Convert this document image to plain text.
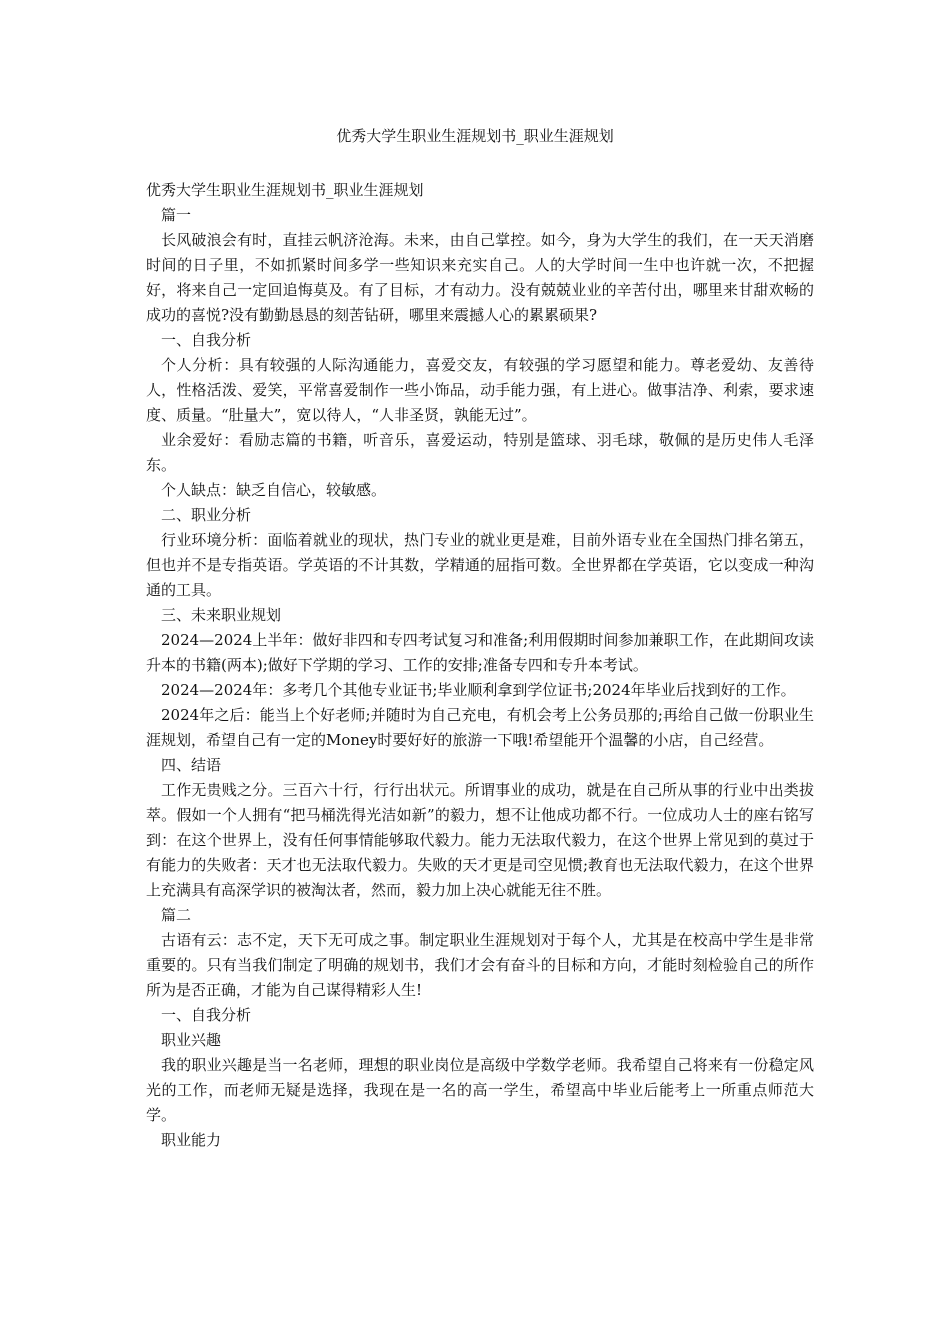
优秀大学生职业生涯规划书_职业生涯规划

优秀大学生职业生涯规划书_职业生涯规划

篇一

长风破浪会有时，直挂云帆济沧海。未来，由自己掌控。如今，身为大学生的我们，在一天天消磨时间的日子里，不如抓紧时间多学一些知识来充实自己。人的大学时间一生中也许就一次，不把握好，将来自己一定回追悔莫及。有了目标，才有动力。没有兢兢业业的辛苦付出，哪里来甘甜欢畅的成功的喜悦?没有勤勤恳恳的刻苦钻研，哪里来震撼人心的累累硕果?

一、自我分析

个人分析：具有较强的人际沟通能力，喜爱交友，有较强的学习愿望和能力。尊老爱幼、友善待人，性格活泼、爱笑，平常喜爱制作一些小饰品，动手能力强，有上进心。做事洁净、利索，要求速度、质量。“肚量大”，宽以待人，“人非圣贤，孰能无过”。

业余爱好：看励志篇的书籍，听音乐，喜爱运动，特别是篮球、羽毛球，敬佩的是历史伟人毛泽东。

个人缺点：缺乏自信心，较敏感。

二、职业分析

行业环境分析：面临着就业的现状，热门专业的就业更是难，目前外语专业在全国热门排名第五，但也并不是专指英语。学英语的不计其数，学精通的屈指可数。全世界都在学英语，它以变成一种沟通的工具。

三、未来职业规划

2024—2024上半年：做好非四和专四考试复习和准备;利用假期时间参加兼职工作，在此期间攻读升本的书籍(两本);做好下学期的学习、工作的安排;准备专四和专升本考试。

2024—2024年：多考几个其他专业证书;毕业顺利拿到学位证书;2024年毕业后找到好的工作。

2024年之后：能当上个好老师;并随时为自己充电，有机会考上公务员那的;再给自己做一份职业生涯规划，希望自己有一定的Money时要好好的旅游一下哦!希望能开个温馨的小店，自己经营。

四、结语

工作无贵贱之分。三百六十行，行行出状元。所谓事业的成功，就是在自己所从事的行业中出类拔萃。假如一个人拥有“把马桶洗得光洁如新”的毅力，想不让他成功都不行。一位成功人士的座右铭写到：在这个世界上，没有任何事情能够取代毅力。能力无法取代毅力，在这个世界上常见到的莫过于有能力的失败者：天才也无法取代毅力。失败的天才更是司空见惯;教育也无法取代毅力，在这个世界上充满具有高深学识的被淘汰者，然而，毅力加上决心就能无往不胜。

篇二

古语有云：志不定，天下无可成之事。制定职业生涯规划对于每个人，尤其是在校高中学生是非常重要的。只有当我们制定了明确的规划书，我们才会有奋斗的目标和方向，才能时刻检验自己的所作所为是否正确，才能为自己谋得精彩人生!

一、自我分析

职业兴趣

我的职业兴趣是当一名老师，理想的职业岗位是高级中学数学老师。我希望自己将来有一份稳定风光的工作，而老师无疑是选择，我现在是一名的高一学生，希望高中毕业后能考上一所重点师范大学。

职业能力
